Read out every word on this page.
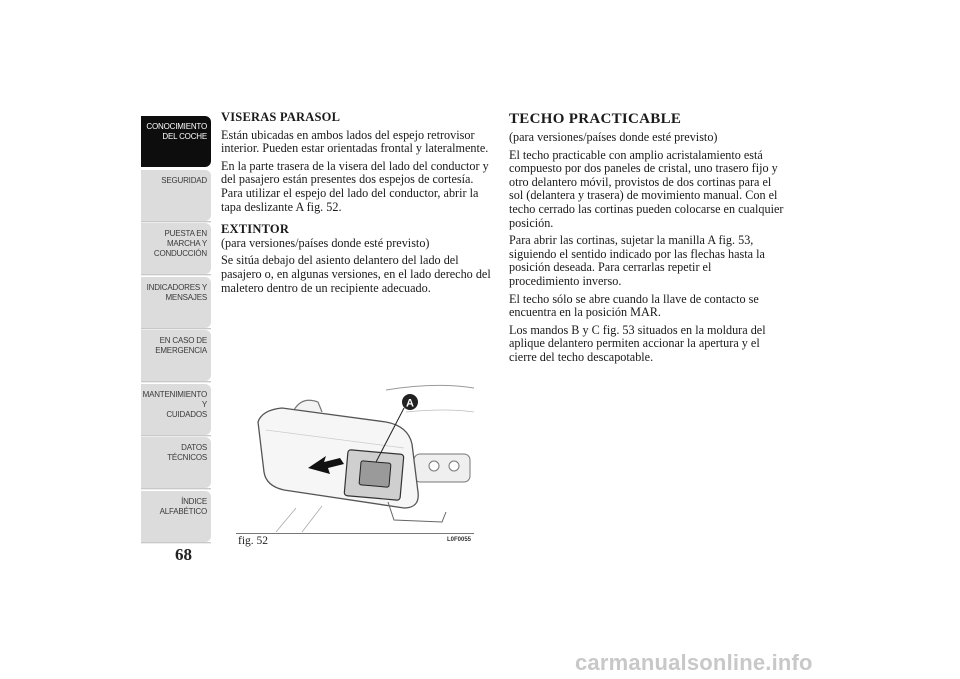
CONOCIMIENTO
DEL COCHE
SEGURIDAD
PUESTA EN
MARCHA Y
CONDUCCIÓN
INDICADORES Y
MENSAJES
EN CASO DE
EMERGENCIA
MANTENIMIENTO Y
CUIDADOS
DATOS TÉCNICOS
ÍNDICE
ALFABÉTICO
68

VISERAS PARASOL

Están ubicadas en ambos lados del espejo retrovisor interior. Pueden estar orientadas frontal y lateralmente.

En la parte trasera de la visera del lado del conductor y del pasajero están presentes dos espejos de cortesía. Para utilizar el espejo del lado del conductor, abrir la tapa deslizante A fig. 52.

EXTINTOR

(para versiones/países donde esté previsto)

Se sitúa debajo del asiento delantero del lado del pasajero o, en algunas versiones, en el lado derecho del maletero dentro de un recipiente adecuado.

TECHO PRACTICABLE

(para versiones/países donde esté previsto)

El techo practicable con amplio acristalamiento está compuesto por dos paneles de cristal, uno trasero fijo y otro delantero móvil, provistos de dos cortinas para el sol (delantera y trasera) de movimiento manual. Con el techo cerrado las cortinas pueden colocarse en cualquier posición.

Para abrir las cortinas, sujetar la manilla A fig. 53, siguiendo el sentido indicado por las flechas hasta la posición deseada. Para cerrarlas repetir el procedimiento inverso.

El techo sólo se abre cuando la llave de contacto se encuentra en la posición MAR.

Los mandos B y C fig. 53 situados en la moldura del aplique delantero permiten accionar la apertura y el cierre del techo descapotable.

A
fig. 52	L0F0055
carmanualsonline.info
